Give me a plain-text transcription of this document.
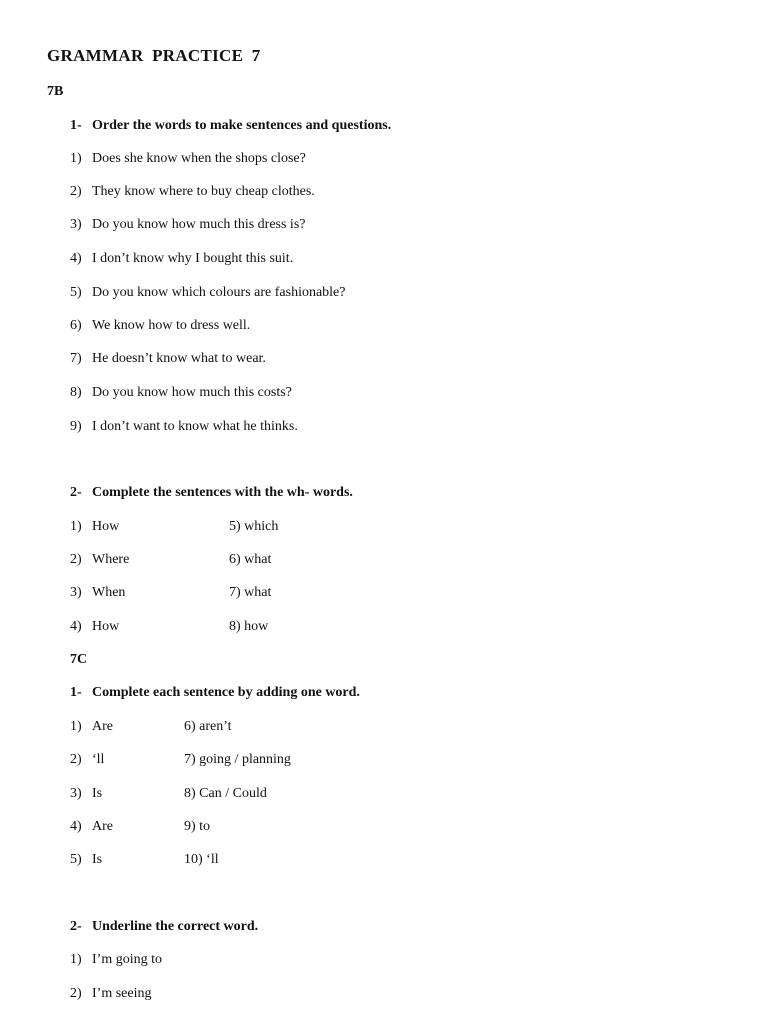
GRAMMAR PRACTICE 7
7B
1- Order the words to make sentences and questions.
1) Does she know when the shops close?
2) They know where to buy cheap clothes.
3) Do you know how much this dress is?
4) I don’t know why I bought this suit.
5) Do you know which colours are fashionable?
6) We know how to dress well.
7) He doesn’t know what to wear.
8) Do you know how much this costs?
9) I don’t want to know what he thinks.
2- Complete the sentences with the wh- words.
1) How	5) which
2) Where	6) what
3) When	7) what
4) How	8) how
7C
1- Complete each sentence by adding one word.
1) Are	6) aren’t
2) ‘ll	7) going / planning
3) Is	8) Can / Could
4) Are	9) to
5) Is	10) ‘ll
2- Underline the correct word.
1) I’m going to
2) I’m seeing
